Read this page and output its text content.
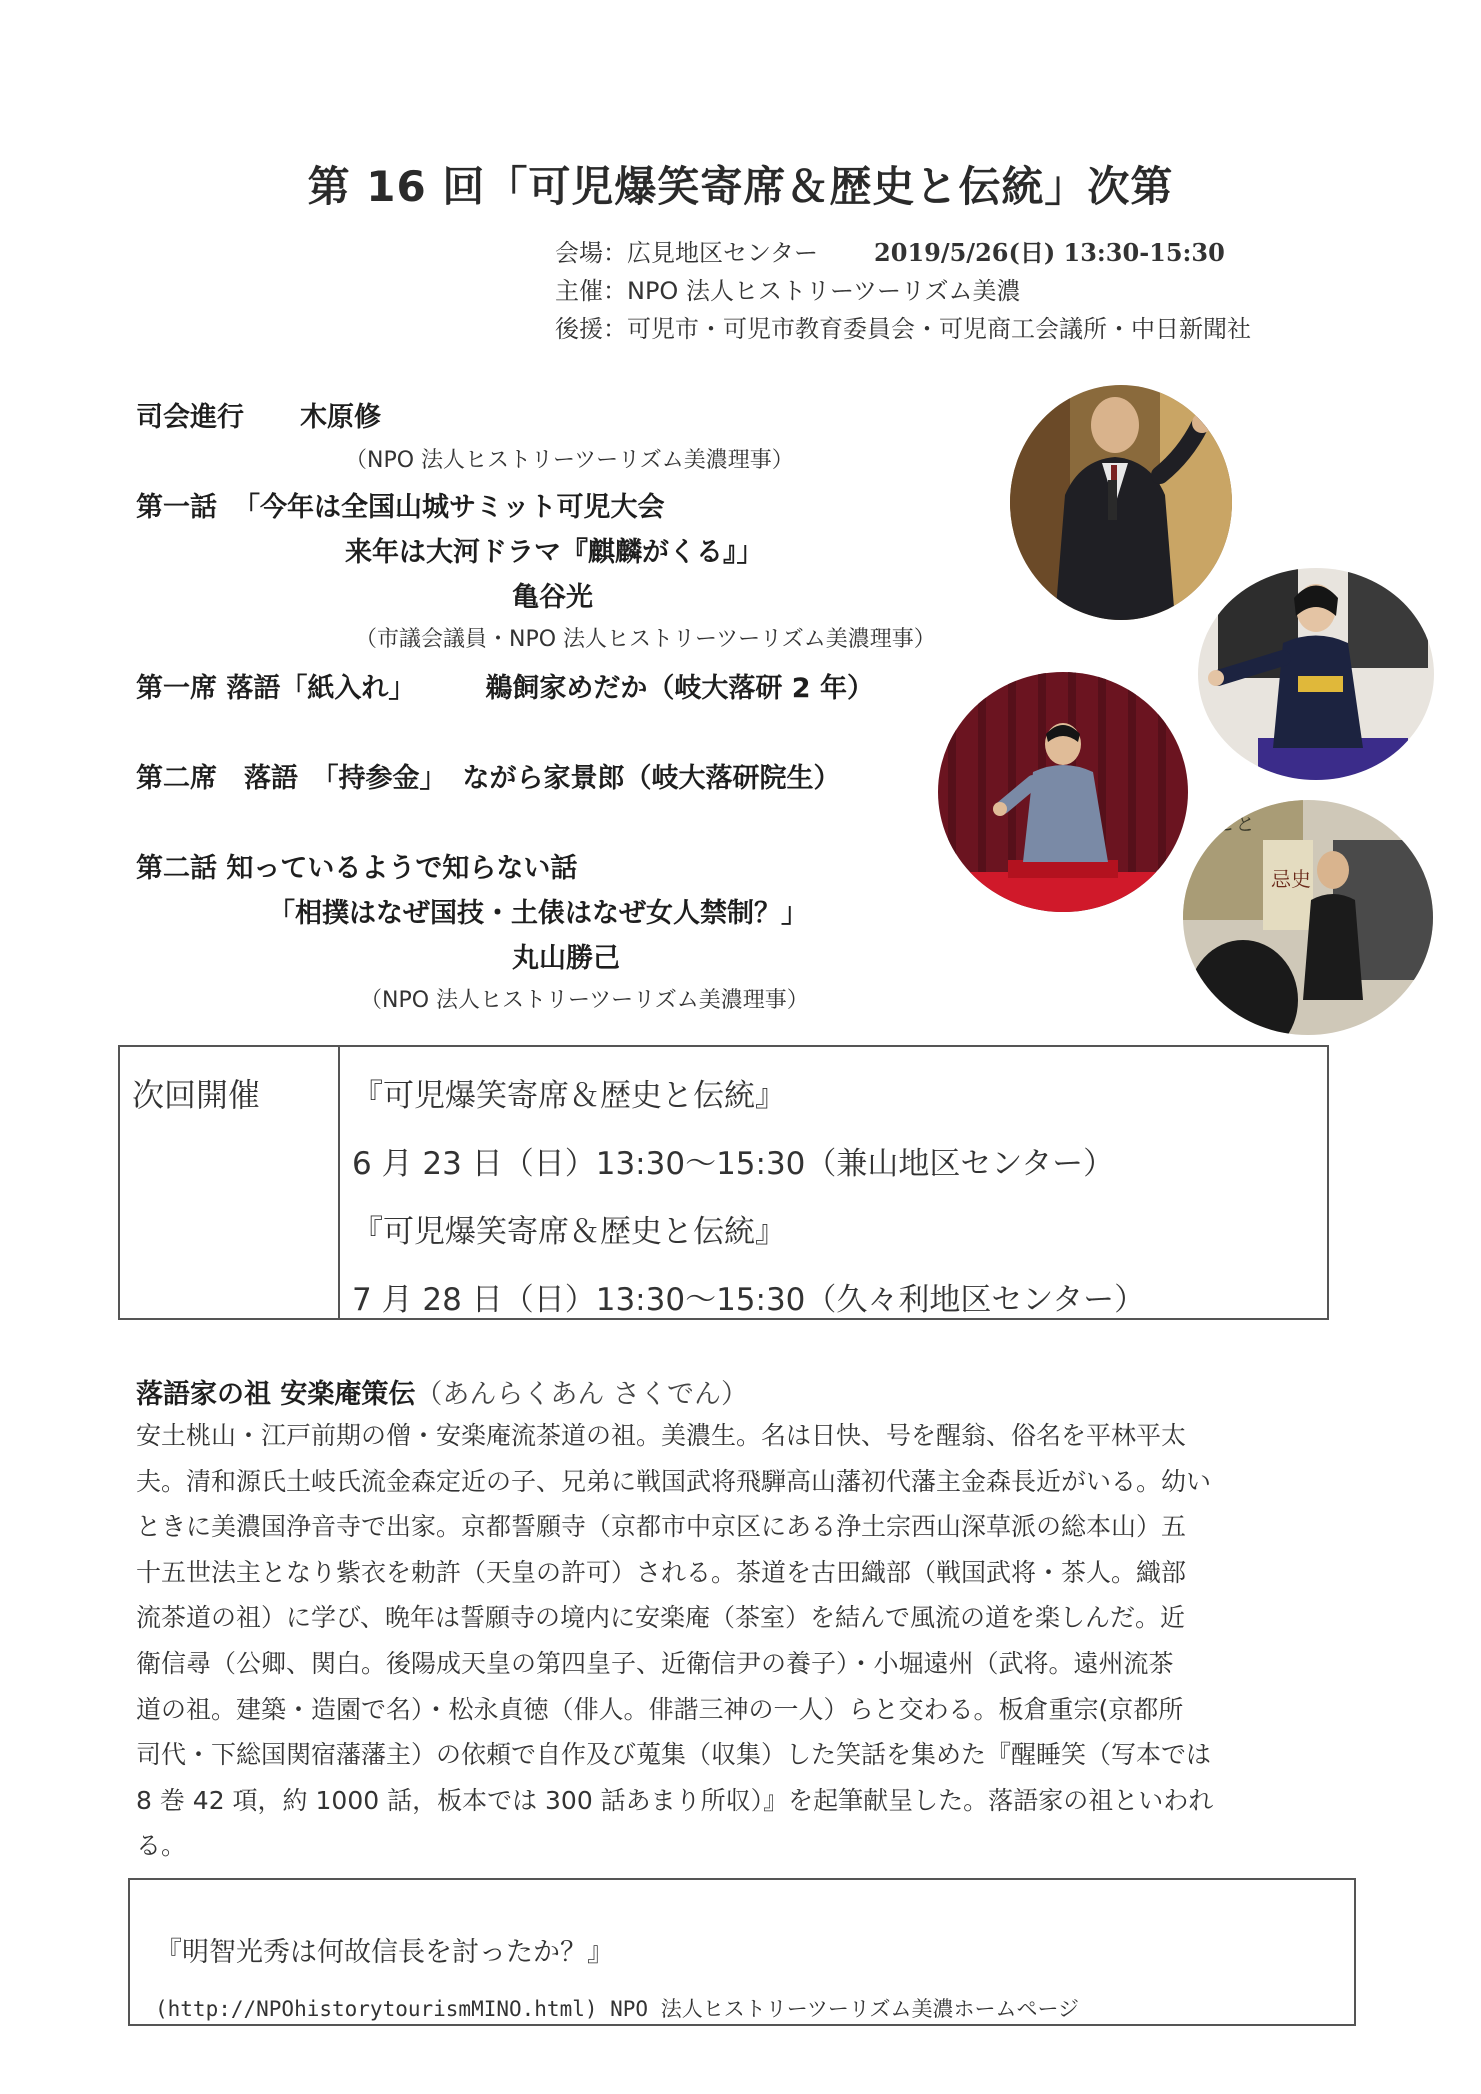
第 16 回「可児爆笑寄席＆歴史と伝統」次第
会場：広見地区センター 2019/5/26(日) 13:30-15:30
主催：NPO 法人ヒストリーツーリズム美濃
後援：可児市・可児市教育委員会・可児商工会議所・中日新聞社
司会進行 木原修
（NPO 法人ヒストリーツーリズム美濃理事）
第一話 「今年は全国山城サミット可児大会
来年は大河ドラマ『麒麟がくる』」
亀谷光
（市議会議員・NPO 法人ヒストリーツーリズム美濃理事）
第一席 落語「紙入れ」	鵜飼家めだか（岐大落研 2 年）
第二席　落語　「持参金」 ながら家景郎（岐大落研院生）
第二話 知っているようで知らない話
「相撲はなぜ国技・土俵はなぜ女人禁制？」
丸山勝己
（NPO 法人ヒストリーツーリズム美濃理事）
のこと
忌史
次回開催	『可児爆笑寄席＆歴史と伝統』
6 月 23 日（日）13:30～15:30（兼山地区センター）
『可児爆笑寄席＆歴史と伝統』
7 月 28 日（日）13:30～15:30（久々利地区センター）
落語家の祖 安楽庵策伝（あんらくあん さくでん）
安土桃山・江戸前期の僧・安楽庵流茶道の祖。美濃生。名は日快、号を醒翁、俗名を平林平太
夫。清和源氏土岐氏流金森定近の子、兄弟に戦国武将飛騨高山藩初代藩主金森長近がいる。幼い
ときに美濃国浄音寺で出家。京都誓願寺（京都市中京区にある浄土宗西山深草派の総本山）五
十五世法主となり紫衣を勅許（天皇の許可）される。茶道を古田織部（戦国武将・茶人。織部
流茶道の祖）に学び、晩年は誓願寺の境内に安楽庵（茶室）を結んで風流の道を楽しんだ。近
衛信尋（公卿、関白。後陽成天皇の第四皇子、近衛信尹の養子）・小堀遠州（武将。遠州流茶
道の祖。建築・造園で名）・松永貞徳（俳人。俳諧三神の一人）らと交わる。板倉重宗(京都所
司代・下総国関宿藩藩主）の依頼で自作及び蒐集（収集）した笑話を集めた『醒睡笑（写本では
8 巻 42 項，約 1000 話，板本では 300 話あまり所収）』を起筆献呈した。落語家の祖といわれ
る。
『明智光秀は何故信長を討ったか？』
(http://NPOhistorytourismMINO.html) NPO 法人ヒストリーツーリズム美濃ホームページ
